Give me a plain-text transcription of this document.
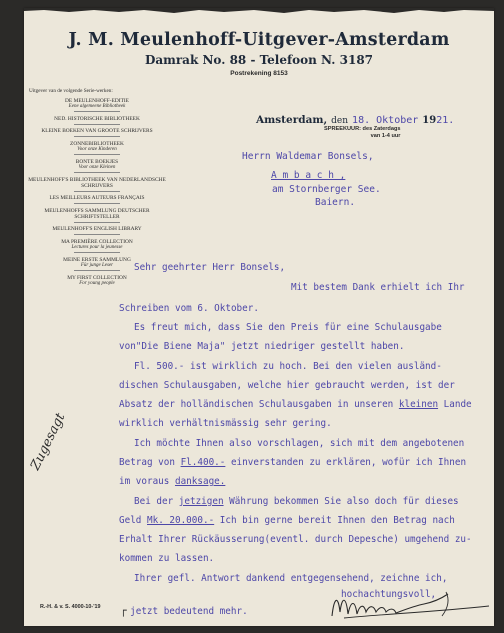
J. M. Meulenhoff-Uitgever-Amsterdam
Damrak No. 88 - Telefoon N. 3187
Postrekening 8153
Uitgever van de volgende Serie-werken:
DE MEULENHOFF-EDITIE
Eene algemeene Bibliotheek
NED. HISTORISCHE BIBLIOTHEEK
KLEINE BOEKEN VAN GROOTE SCHRIJVERS
ZONNEBIBLIOTHEEK
Voor onze Kinderen
BONTE BOEKJES
Voor onze Kleinen
MEULENHOFF'S BIBLIOTHEEK VAN NEDERLANDSCHE SCHRIJVERS
LES MEILLEURS AUTEURS FRANÇAIS
MEULENHOFFS SAMMLUNG DEUTSCHER SCHRIFTSTELLER
MEULENHOFF'S ENGLISH LIBRARY
MA PREMIÈRE COLLECTION
Lectures pour la jeunesse
MEINE ERSTE SAMMLUNG
Für junge Leser
MY FIRST COLLECTION
For young people
Amsterdam, den 18. Oktober 1921.
SPREEKUUR: des Zaterdags
van 1-4 uur
Herrn Waldemar Bonsels,
A m b a c h ,
am Stornberger See.
Baiern.
Sehr geehrter Herr Bonsels,
Mit bestem Dank erhielt ich Ihr
Schreiben vom 6. Oktober.
Es freut mich, dass Sie den Preis für eine Schulausgabe
von"Die Biene Maja" jetzt niedriger gestellt haben.
Fl. 500.- ist wirklich zu hoch. Bei den vielen ausländ-
dischen Schulausgaben, welche hier gebraucht werden, ist der
Absatz der holländischen Schulausgaben in unseren kleinen Lande
wirklich verhältnismässig sehr gering.
Ich möchte Ihnen also vorschlagen, sich mit dem angebotenen
Betrag von Fl.400.- einverstanden zu erklären, wofür ich Ihnen
im voraus danksage.
Bei der jetzigen Währung bekommen Sie also doch für dieses
Geld Mk. 20.000.- Ich bin gerne bereit Ihnen den Betrag nach
Erhalt Ihrer Rückäusserung(eventl. durch Depesche) umgehend zu-
kommen zu lassen.
Ihrer gefl. Antwort dankend entgegensehend, zeichne ich,
hochachtungsvoll,
┌ jetzt bedeutend mehr.
Zugesagt
R.-H. & v. S. 4000-10-'19
